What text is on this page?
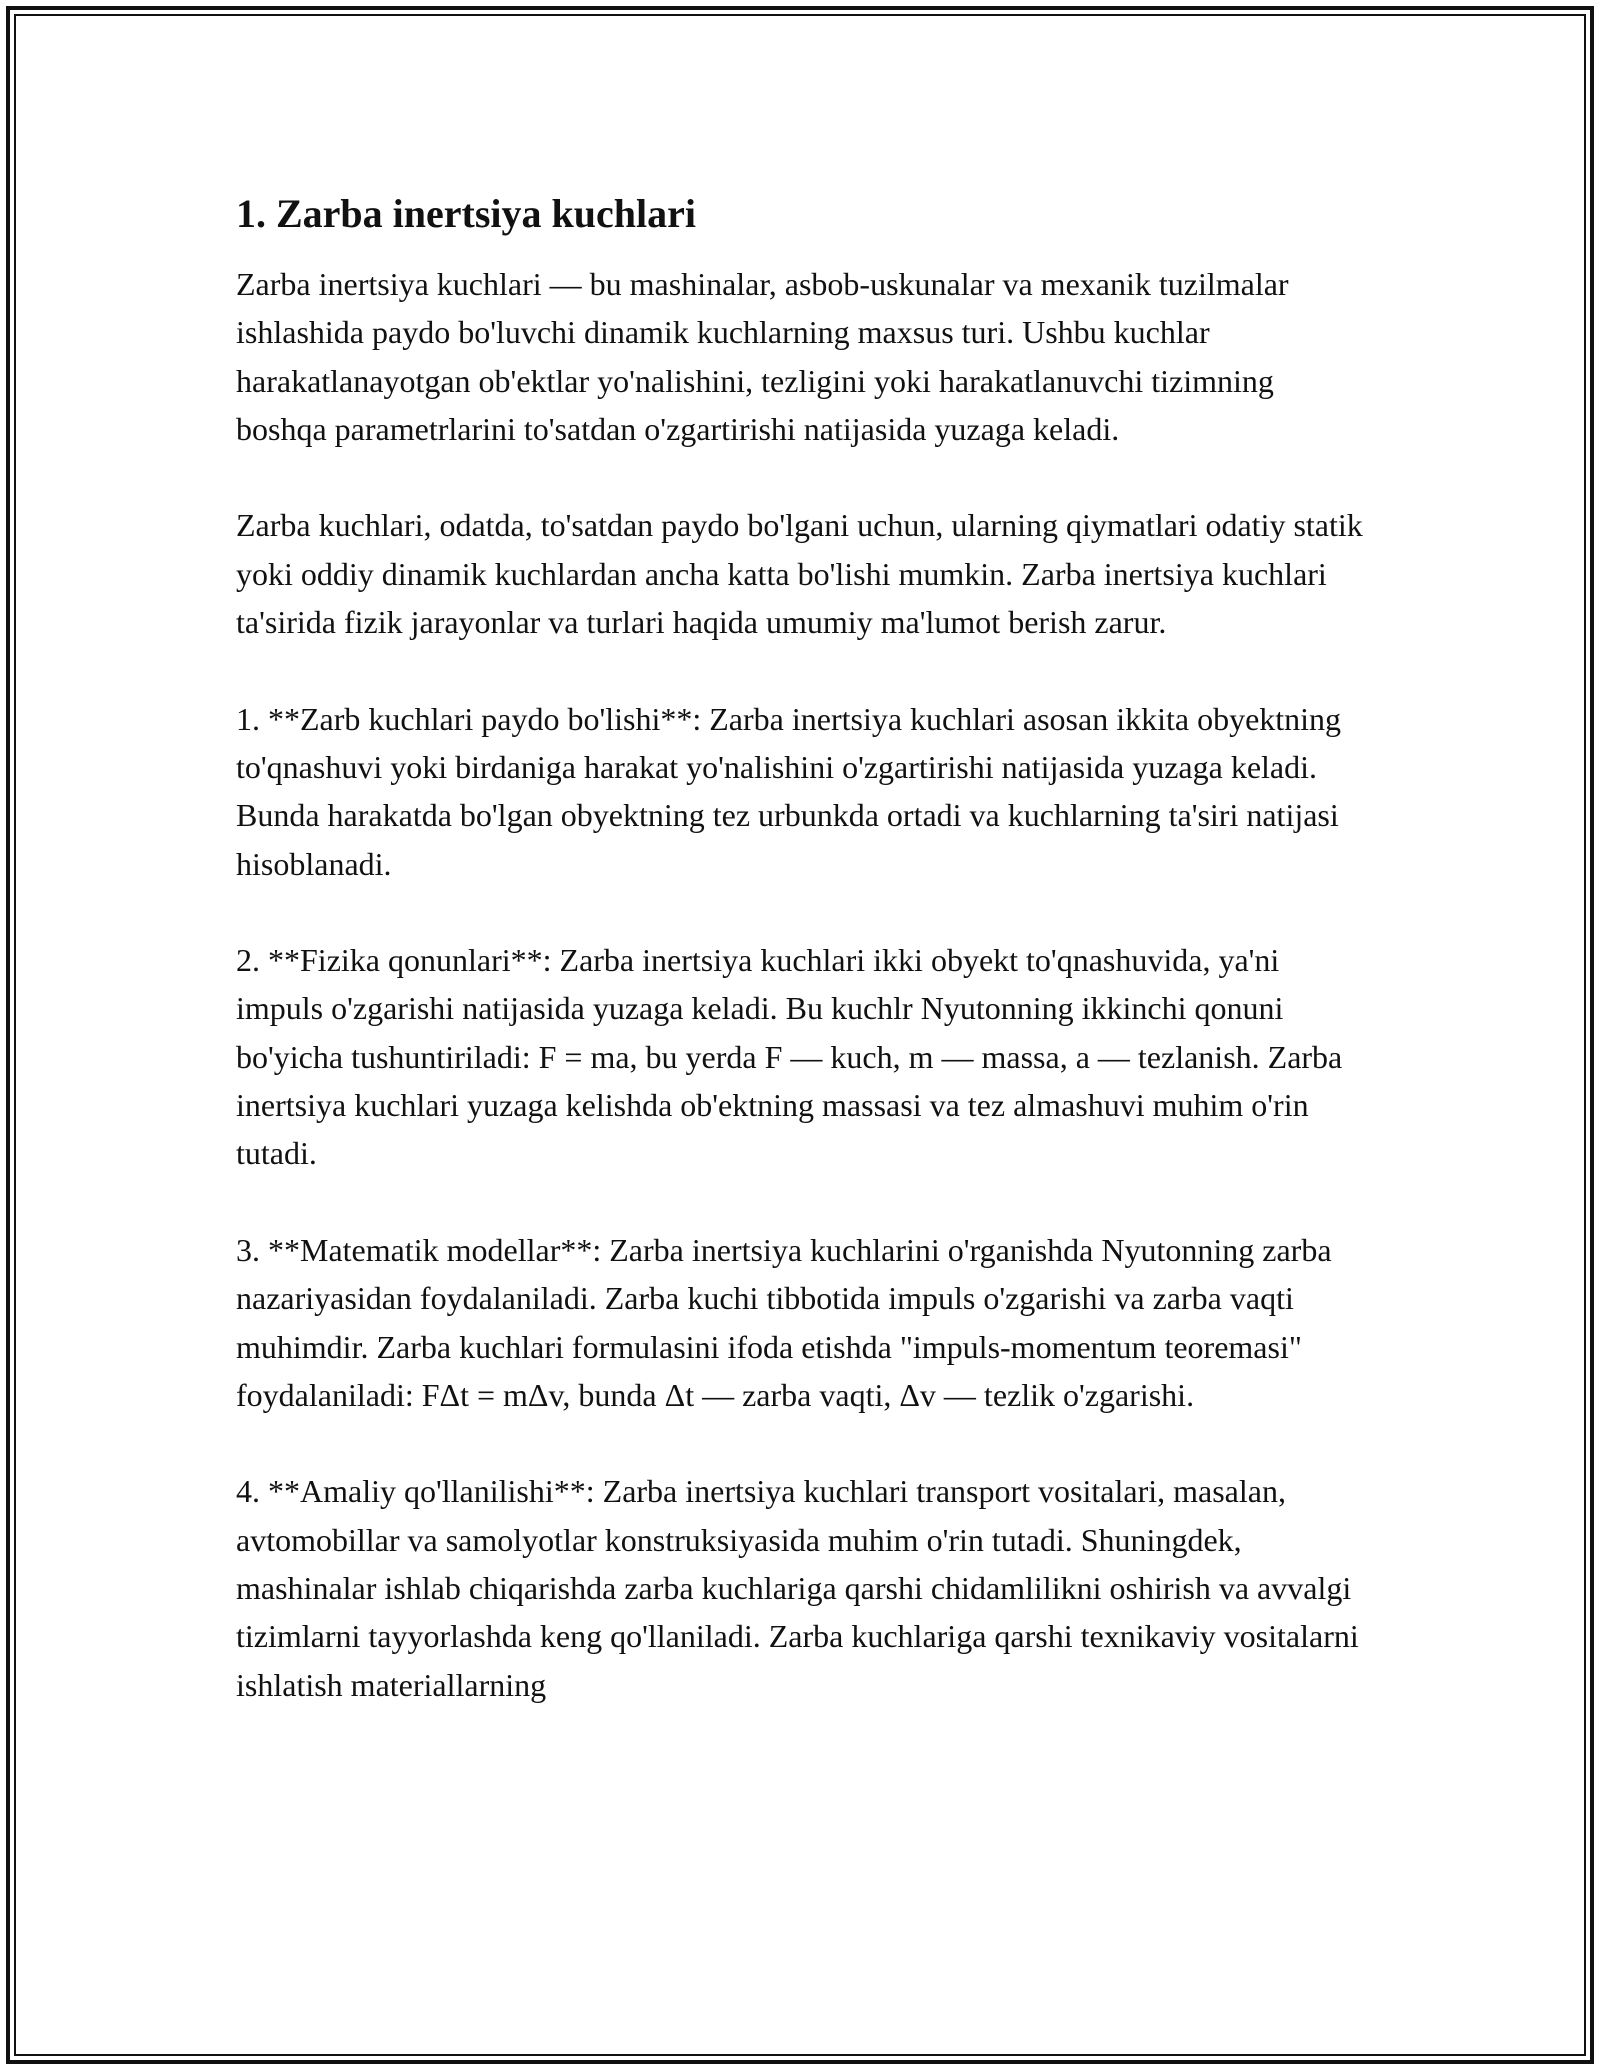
1. Zarba inertsiya kuchlari

Zarba inertsiya kuchlari — bu mashinalar, asbob-uskunalar va mexanik tuzilmalar ishlashida paydo bo'luvchi dinamik kuchlarning maxsus turi. Ushbu kuchlar harakatlanayotgan ob'ektlar yo'nalishini, tezligini yoki harakatlanuvchi tizimning boshqa parametrlarini to'satdan o'zgartirishi natijasida yuzaga keladi.

Zarba kuchlari, odatda, to'satdan paydo bo'lgani uchun, ularning qiymatlari odatiy statik yoki oddiy dinamik kuchlardan ancha katta bo'lishi mumkin. Zarba inertsiya kuchlari ta'sirida fizik jarayonlar va turlari haqida umumiy ma'lumot berish zarur.

1. **Zarb kuchlari paydo bo'lishi**: Zarba inertsiya kuchlari asosan ikkita obyektning to'qnashuvi yoki birdaniga harakat yo'nalishini o'zgartirishi natijasida yuzaga keladi. Bunda harakatda bo'lgan obyektning tez urbunkda ortadi va kuchlarning ta'siri natijasi hisoblanadi.

2. **Fizika qonunlari**: Zarba inertsiya kuchlari ikki obyekt to'qnashuvida, ya'ni impuls o'zgarishi natijasida yuzaga keladi. Bu kuchlr Nyutonning ikkinchi qonuni bo'yicha tushuntiriladi: F = ma, bu yerda F — kuch, m — massa, a — tezlanish. Zarba inertsiya kuchlari yuzaga kelishda ob'ektning massasi va tez almashuvi muhim o'rin tutadi.

3. **Matematik modellar**: Zarba inertsiya kuchlarini o'rganishda Nyutonning zarba nazariyasidan foydalaniladi. Zarba kuchi tibbotida impuls o'zgarishi va zarba vaqti muhimdir. Zarba kuchlari formulasini ifoda etishda "impuls-momentum teoremasi" foydalaniladi: FΔt = mΔv, bunda Δt — zarba vaqti, Δv — tezlik o'zgarishi.

4. **Amaliy qo'llanilishi**: Zarba inertsiya kuchlari transport vositalari, masalan, avtomobillar va samolyotlar konstruksiyasida muhim o'rin tutadi. Shuningdek, mashinalar ishlab chiqarishda zarba kuchlariga qarshi chidamlilikni oshirish va avvalgi tizimlarni tayyorlashda keng qo'llaniladi. Zarba kuchlariga qarshi texnikaviy vositalarni ishlatish materiallarning
